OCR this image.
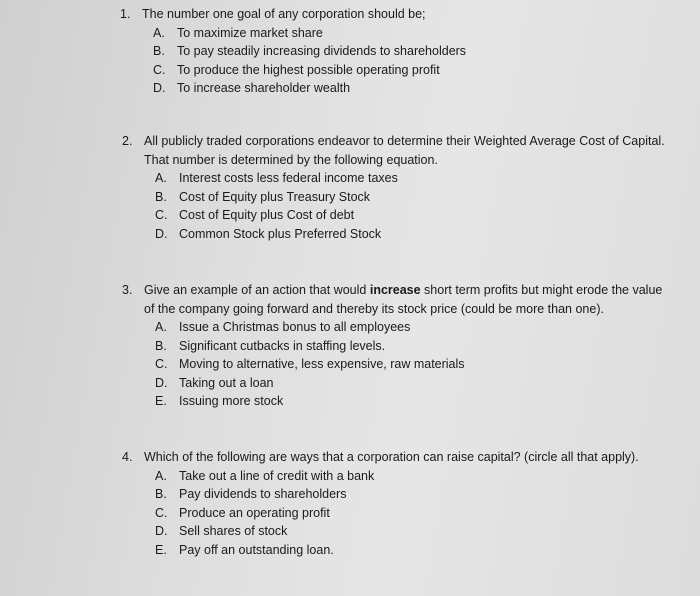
1. The number one goal of any corporation should be;
A. To maximize market share
B. To pay steadily increasing dividends to shareholders
C. To produce the highest possible operating profit
D. To increase shareholder wealth
2. All publicly traded corporations endeavor to determine their Weighted Average Cost of Capital.
That number is determined by the following equation.
A. Interest costs less federal income taxes
B. Cost of Equity plus Treasury Stock
C. Cost of Equity plus Cost of debt
D. Common Stock plus Preferred Stock
3. Give an example of an action that would increase short term profits but might erode the value
of the company going forward and thereby its stock price (could be more than one).
A. Issue a Christmas bonus to all employees
B. Significant cutbacks in staffing levels.
C. Moving to alternative, less expensive, raw materials
D. Taking out a loan
E. Issuing more stock
4. Which of the following are ways that a corporation can raise capital? (circle all that apply).
A. Take out a line of credit with a bank
B. Pay dividends to shareholders
C. Produce an operating profit
D. Sell shares of stock
E. Pay off an outstanding loan.
